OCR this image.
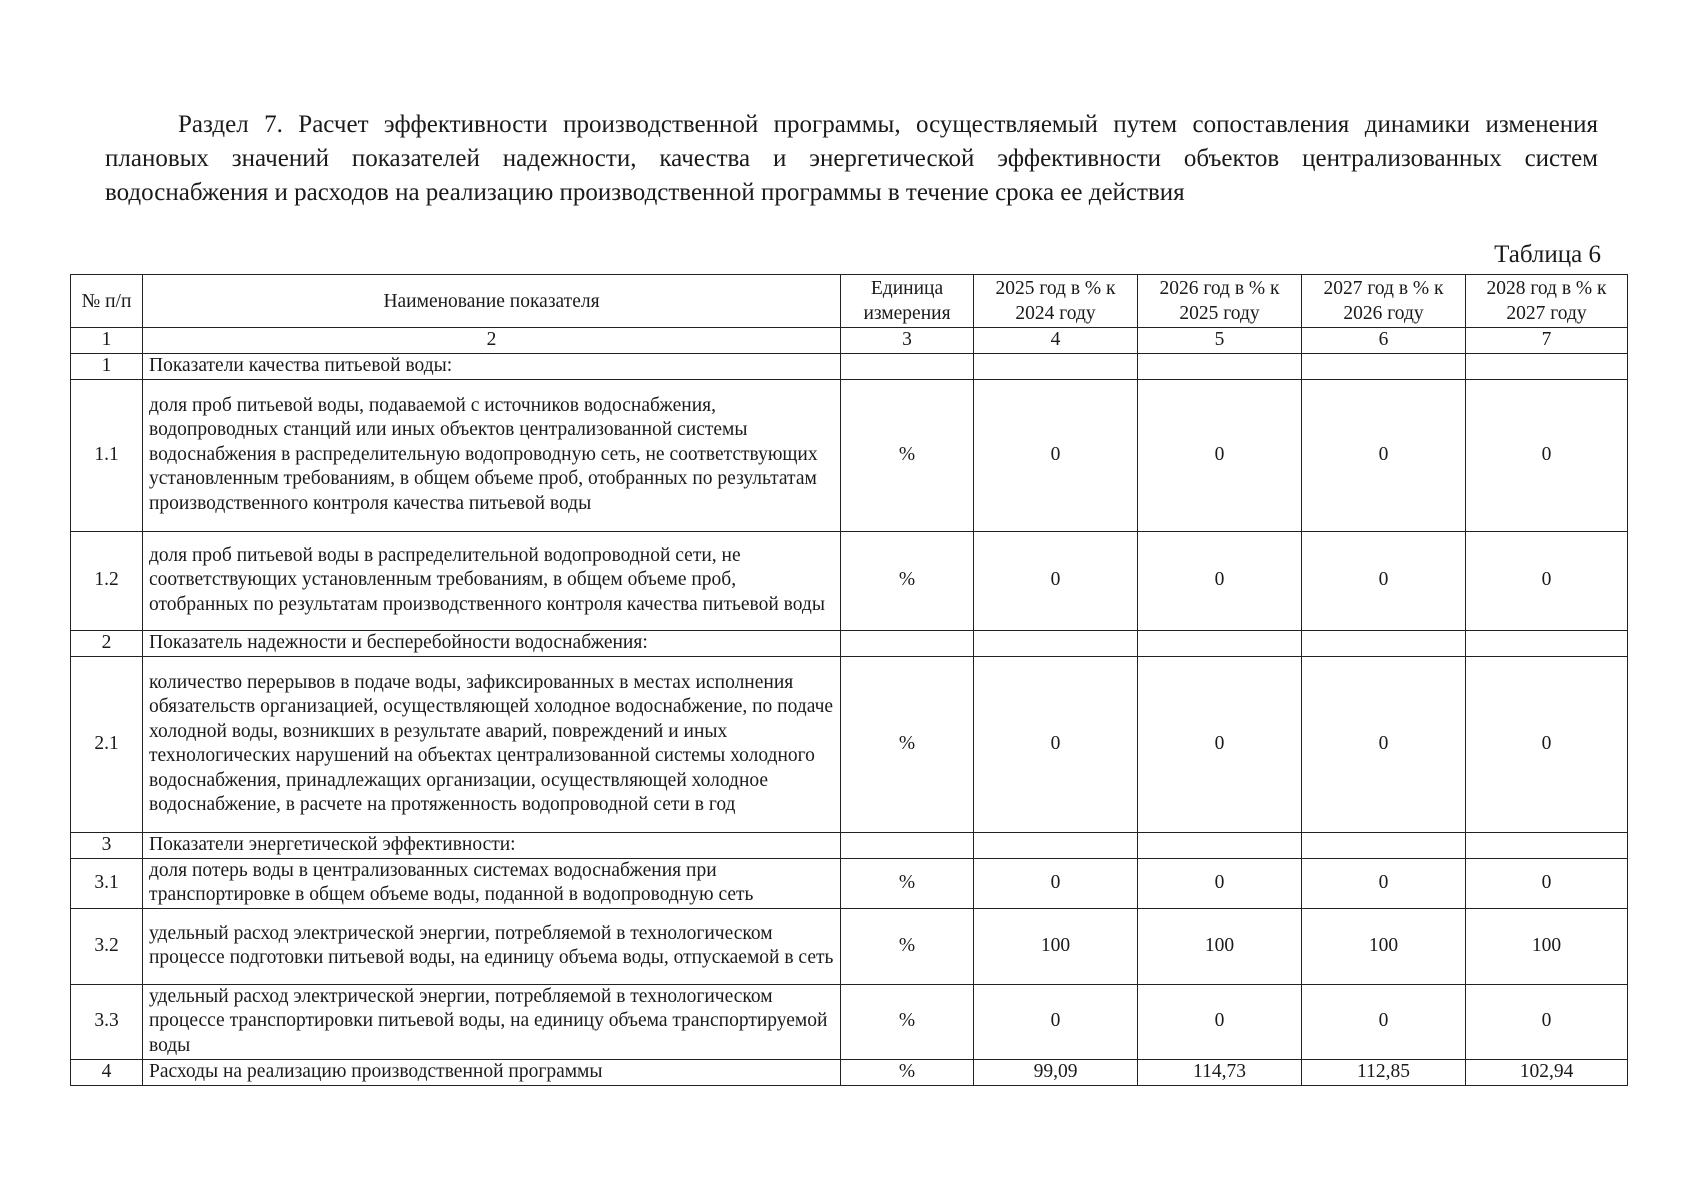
Раздел 7. Расчет эффективности производственной программы, осуществляемый путем сопоставления динамики изменения плановых значений показателей надежности, качества и энергетической эффективности объектов централизованных систем водоснабжения и расходов на реализацию производственной программы в течение срока ее действия
Таблица 6
№ п/п	Наименование показателя	Единица измерения	2025 год в % к 2024 году	2026 год в % к 2025 году	2027 год в % к 2026 году	2028 год в % к 2027 году
1	2	3	4	5	6	7
1	Показатели качества питьевой воды:					
1.1	доля проб питьевой воды, подаваемой с источников водоснабжения, водопроводных станций или иных объектов централизованной системы водоснабжения в распределительную водопроводную сеть, не соответствующих установленным требованиям, в общем объеме проб, отобранных по результатам производственного контроля качества питьевой воды	%	0	0	0	0
1.2	доля проб питьевой воды в распределительной водопроводной сети, не соответствующих установленным требованиям, в общем объеме проб, отобранных по результатам производственного контроля качества питьевой воды	%	0	0	0	0
2	Показатель надежности и бесперебойности водоснабжения:					
2.1	количество перерывов в подаче воды, зафиксированных в местах исполнения обязательств организацией, осуществляющей холодное водоснабжение, по подаче холодной воды, возникших в результате аварий, повреждений и иных технологических нарушений на объектах централизованной системы холодного водоснабжения, принадлежащих организации, осуществляющей холодное водоснабжение, в расчете на протяженность водопроводной сети в год	%	0	0	0	0
3	Показатели энергетической эффективности:					
3.1	доля потерь воды в централизованных системах водоснабжения при транспортировке в общем объеме воды, поданной в водопроводную сеть	%	0	0	0	0
3.2	удельный расход электрической энергии, потребляемой в технологическом процессе подготовки питьевой воды, на единицу объема воды, отпускаемой в сеть	%	100	100	100	100
3.3	удельный расход электрической энергии, потребляемой в технологическом процессе транспортировки питьевой воды, на единицу объема транспортируемой воды	%	0	0	0	0
4	Расходы на реализацию производственной программы	%	99,09	114,73	112,85	102,94
